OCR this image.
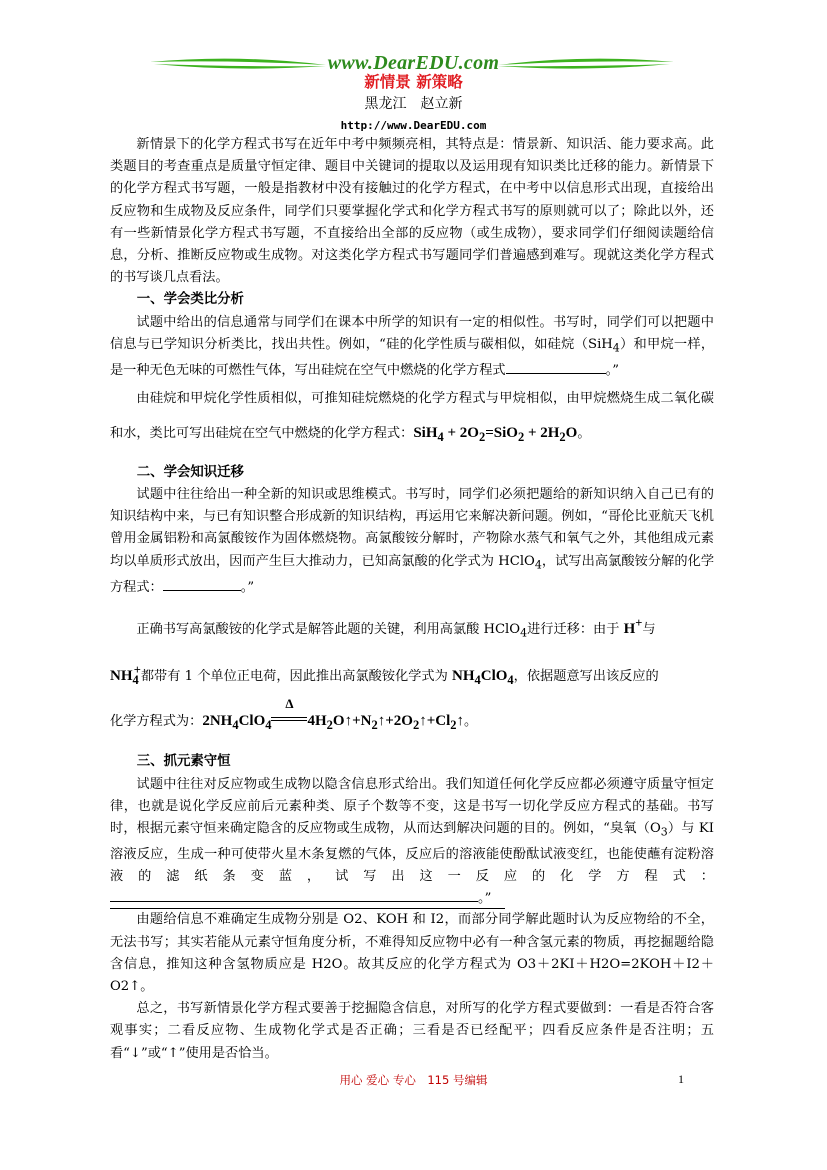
www.DearEDU.com
新情景 新策略
黑龙江　赵立新
http://www.DearEDU.com

新情景下的化学方程式书写在近年中考中频频亮相，其特点是：情景新、知识活、能力要求高。此类题目的考查重点是质量守恒定律、题目中关键词的提取以及运用现有知识类比迁移的能力。新情景下的化学方程式书写题，一般是指教材中没有接触过的化学方程式，在中考中以信息形式出现，直接给出反应物和生成物及反应条件，同学们只要掌握化学式和化学方程式书写的原则就可以了；除此以外，还有一些新情景化学方程式书写题，不直接给出全部的反应物（或生成物），要求同学们仔细阅读题给信息，分析、推断反应物或生成物。对这类化学方程式书写题同学们普遍感到难写。现就这类化学方程式的书写谈几点看法。

一、学会类比分析

试题中给出的信息通常与同学们在课本中所学的知识有一定的相似性。书写时，同学们可以把题中信息与已学知识分析类比，找出共性。例如，“硅的化学性质与碳相似，如硅烷（SiH$_4$）和甲烷一样，是一种无色无味的可燃性气体，写出硅烷在空气中燃烧的化学方程式	。”

由硅烷和甲烷化学性质相似，可推知硅烷燃烧的化学方程式与甲烷相似，由甲烷燃烧生成二氧化碳和水，类比可写出硅烷在空气中燃烧的化学方程式：$SiH_4 + 2O_2=SiO_2 + 2H_2O$。

二、学会知识迁移

试题中往往给出一种全新的知识或思维模式。书写时，同学们必须把题给的新知识纳入自己已有的知识结构中来，与已有知识整合形成新的知识结构，再运用它来解决新问题。例如，“哥伦比亚航天飞机曾用金属铝粉和高氯酸铵作为固体燃烧物。高氯酸铵分解时，产物除水蒸气和氧气之外，其他组成元素均以单质形式放出，因而产生巨大推动力，已知高氯酸的化学式为 HClO$_4$，试写出高氯酸铵分解的化学方程式：	。”

正确书写高氯酸铵的化学式是解答此题的关键，利用高氯酸 HClO$_4$进行迁移：由于 H+与

$NH_4^+$都带有 1 个单位正电荷，因此推出高氯酸铵化学式为 $NH_4ClO_4$，依据题意写出该反应的

化学方程式为：$2NH_4ClO_4$
Δ
$4H_2O↑+N_2↑+2O_2↑+Cl_2↑$。

三、抓元素守恒

试题中往往对反应物或生成物以隐含信息形式给出。我们知道任何化学反应都必须遵守质量守恒定律，也就是说化学反应前后元素种类、原子个数等不变，这是书写一切化学反应方程式的基础。书写时，根据元素守恒来确定隐含的反应物或生成物，从而达到解决问题的目的。例如，“臭氧$(O_3)$与 KI 溶液反应，生成一种可使带火星木条复燃的气体，反应后的溶液能使酚酞试液变红，也能使蘸有淀粉溶液的滤纸条变蓝，试写出这一反应的化学方程式：。”

由题给信息不难确定生成物分别是 O2、KOH 和 I2，而部分同学解此题时认为反应物给的不全，无法书写；其实若能从元素守恒角度分析，不难得知反应物中必有一种含氢元素的物质，再挖掘题给隐含信息，推知这种含氢物质应是 H2O。故其反应的化学方程式为 O3＋2KI＋H2O=2KOH＋I2＋O2↑。

总之，书写新情景化学方程式要善于挖掘隐含信息，对所写的化学方程式要做到：一看是否符合客观事实；二看反应物、生成物化学式是否正确；三看是否已经配平；四看反应条件是否注明；五看“↓”或“↑”使用是否恰当。

用心 爱心 专心　115 号编辑	1
